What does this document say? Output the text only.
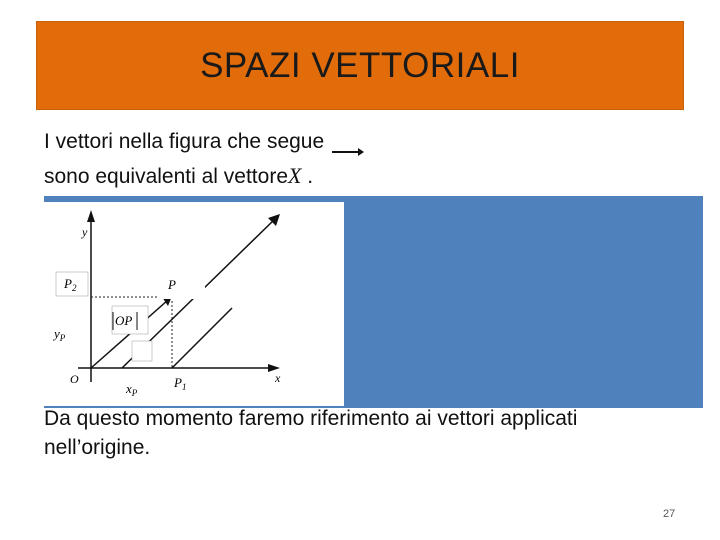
SPAZI VETTORIALI
I vettori nella figura che segue
sono equivalenti al vettoreX .
$P_2$	P
OP
$y_P$
y
O
$x_P$
$P_1$
x
Da questo momento faremo riferimento ai vettori applicati nell’origine.
27
